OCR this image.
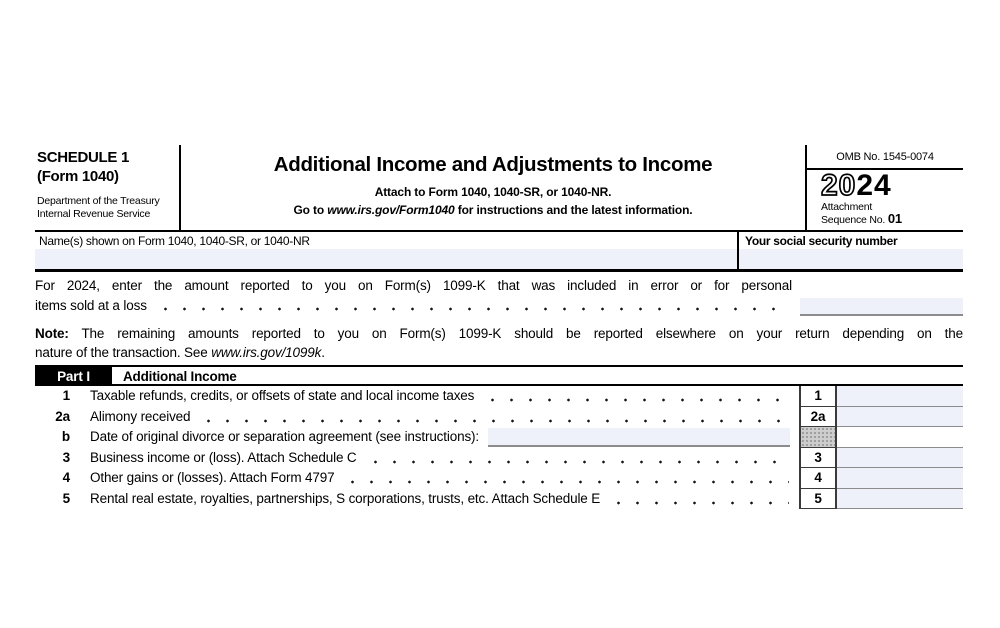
SCHEDULE 1
(Form 1040)
Department of the Treasury
Internal Revenue Service
Additional Income and Adjustments to Income
Attach to Form 1040, 1040-SR, or 1040-NR.
Go to www.irs.gov/Form1040 for instructions and the latest information.
OMB No. 1545-0074
2024
Attachment
Sequence No. 01
Name(s) shown on Form 1040, 1040-SR, or 1040-NR	Your social security number
For 2024, enter the amount reported to you on Form(s) 1099-K that was included in error or for personal
items sold at a loss
Note: The remaining amounts reported to you on Form(s) 1099-K should be reported elsewhere on your return depending on the
nature of the transaction. See www.irs.gov/1099k.
Part I	Additional Income
1 Taxable refunds, credits, or offsets of state and local income taxes	1
2a Alimony received	2a
b Date of original divorce or separation agreement (see instructions):
3 Business income or (loss). Attach Schedule C	3
4 Other gains or (losses). Attach Form 4797	4
5 Rental real estate, royalties, partnerships, S corporations, trusts, etc. Attach Schedule E	5
